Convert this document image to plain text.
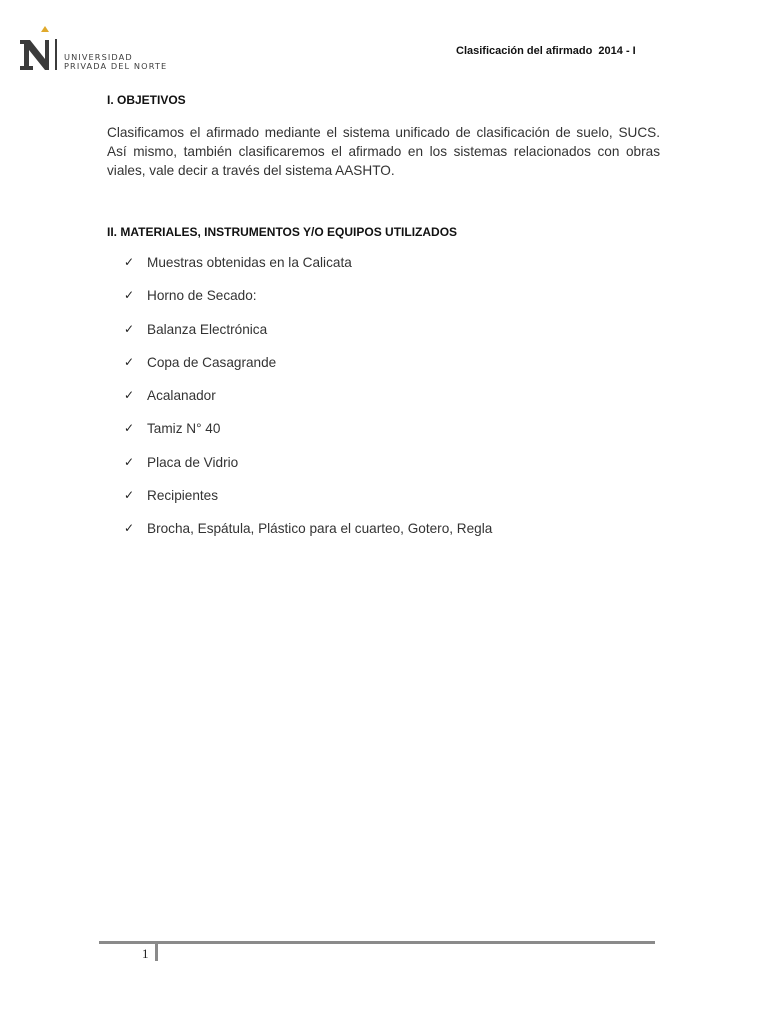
UNIVERSIDAD
PRIVADA DEL NORTE
Clasificación del afirmado  2014 - I
I. OBJETIVOS
Clasificamos el afirmado mediante el sistema unificado de clasificación de suelo, SUCS. Así mismo, también clasificaremos el afirmado en los sistemas relacionados con obras viales, vale decir a través del sistema AASHTO.
II. MATERIALES, INSTRUMENTOS Y/O EQUIPOS UTILIZADOS
✓ Muestras obtenidas en la Calicata
✓ Horno de Secado:
✓ Balanza Electrónica
✓ Copa de Casagrande
✓ Acalanador
✓ Tamiz N° 40
✓ Placa de Vidrio
✓ Recipientes
✓ Brocha, Espátula, Plástico para el cuarteo, Gotero, Regla
1
